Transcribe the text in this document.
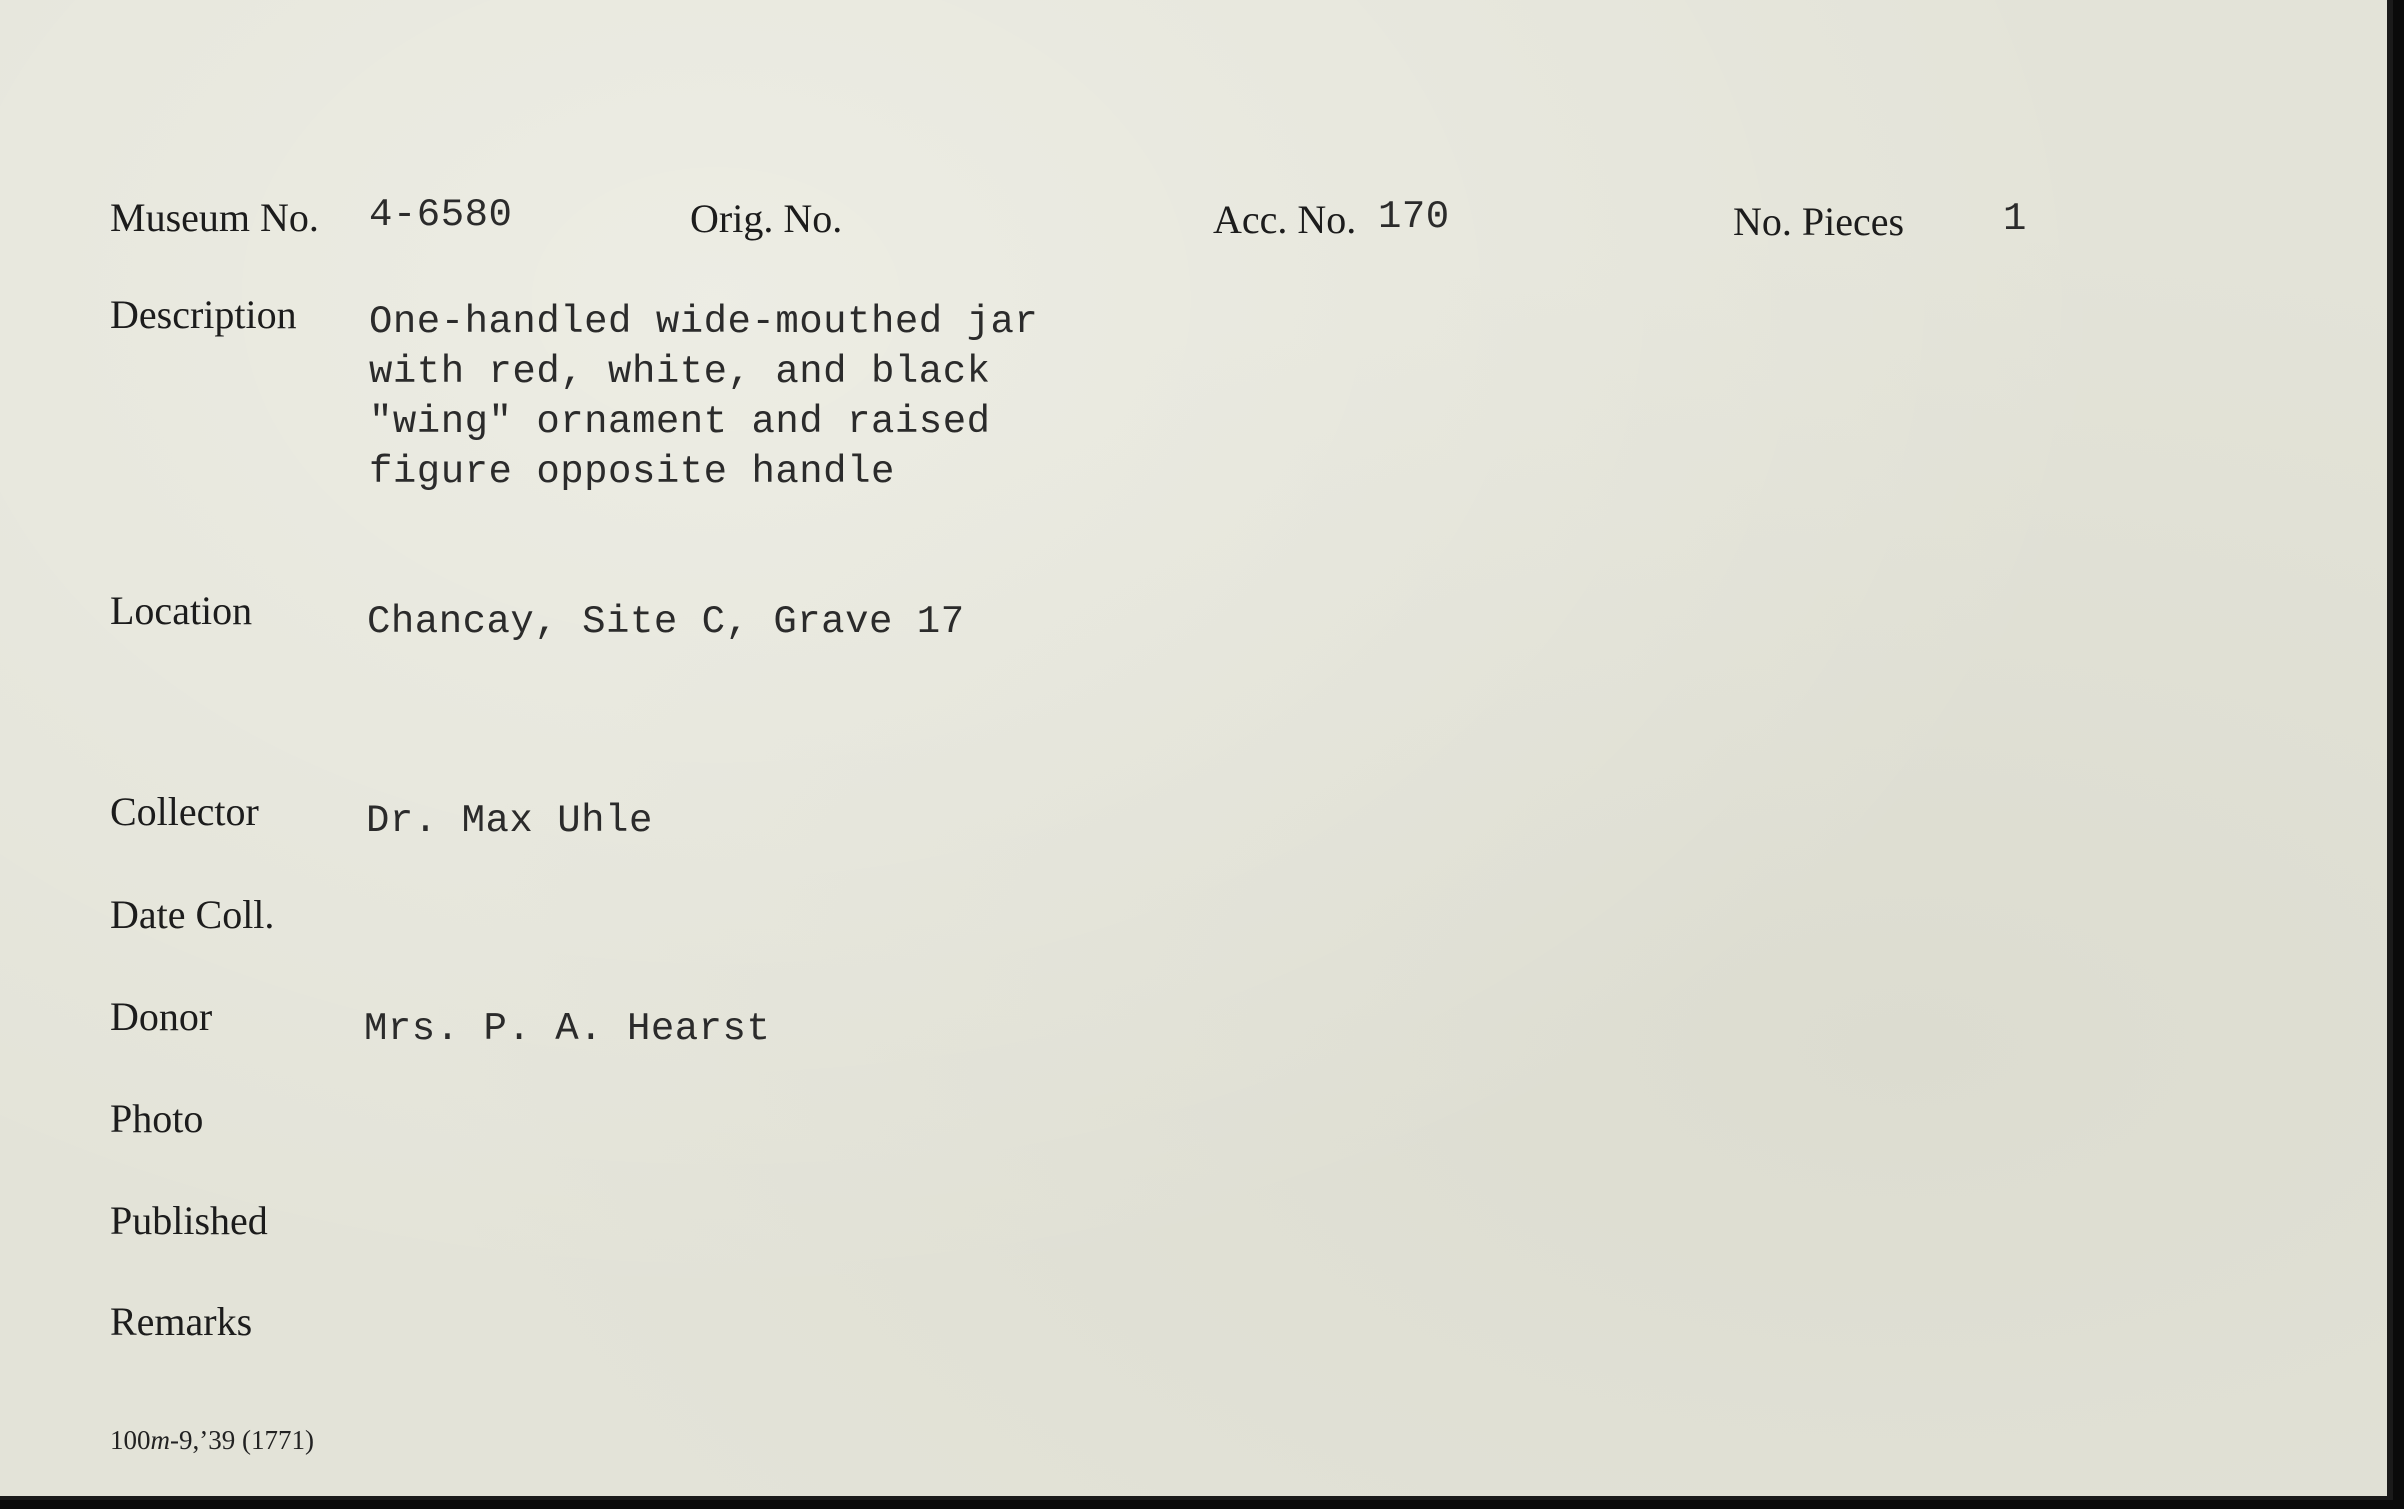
Museum No. 4-6580	Orig. No.	Acc. No. 170	No. Pieces	1
Description One-handled wide-mouthed jar
with red, white, and black
"wing" ornament and raised
figure opposite handle
Location	Chancay, Site C, Grave 17
Collector	Dr. Max Uhle
Date Coll.
Donor	Mrs. P. A. Hearst
Photo
Published
Remarks
100m-9,’39 (1771)
